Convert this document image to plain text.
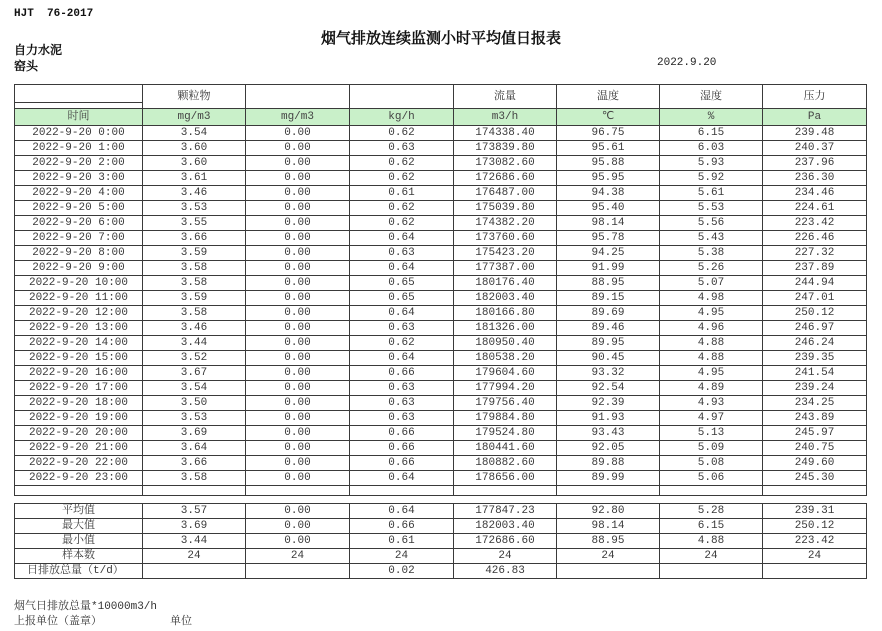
HJT  76-2017
烟气排放连续监测小时平均值日报表
自力水泥
窑头	2022.9.20
	颗粒物			流量	温度	湿度	压力

时间	mg/m3	mg/m3	kg/h	m3/h	℃	%	Pa
2022-9-20 0:00	3.54	0.00	0.62	174338.40	96.75	6.15	239.48
2022-9-20 1:00	3.60	0.00	0.63	173839.80	95.61	6.03	240.37
2022-9-20 2:00	3.60	0.00	0.62	173082.60	95.88	5.93	237.96
2022-9-20 3:00	3.61	0.00	0.62	172686.60	95.95	5.92	236.30
2022-9-20 4:00	3.46	0.00	0.61	176487.00	94.38	5.61	234.46
2022-9-20 5:00	3.53	0.00	0.62	175039.80	95.40	5.53	224.61
2022-9-20 6:00	3.55	0.00	0.62	174382.20	98.14	5.56	223.42
2022-9-20 7:00	3.66	0.00	0.64	173760.60	95.78	5.43	226.46
2022-9-20 8:00	3.59	0.00	0.63	175423.20	94.25	5.38	227.32
2022-9-20 9:00	3.58	0.00	0.64	177387.00	91.99	5.26	237.89
2022-9-20 10:00	3.58	0.00	0.65	180176.40	88.95	5.07	244.94
2022-9-20 11:00	3.59	0.00	0.65	182003.40	89.15	4.98	247.01
2022-9-20 12:00	3.58	0.00	0.64	180166.80	89.69	4.95	250.12
2022-9-20 13:00	3.46	0.00	0.63	181326.00	89.46	4.96	246.97
2022-9-20 14:00	3.44	0.00	0.62	180950.40	89.95	4.88	246.24
2022-9-20 15:00	3.52	0.00	0.64	180538.20	90.45	4.88	239.35
2022-9-20 16:00	3.67	0.00	0.66	179604.60	93.32	4.95	241.54
2022-9-20 17:00	3.54	0.00	0.63	177994.20	92.54	4.89	239.24
2022-9-20 18:00	3.50	0.00	0.63	179756.40	92.39	4.93	234.25
2022-9-20 19:00	3.53	0.00	0.63	179884.80	91.93	4.97	243.89
2022-9-20 20:00	3.69	0.00	0.66	179524.80	93.43	5.13	245.97
2022-9-20 21:00	3.64	0.00	0.66	180441.60	92.05	5.09	240.75
2022-9-20 22:00	3.66	0.00	0.66	180882.60	89.88	5.08	249.60
2022-9-20 23:00	3.58	0.00	0.64	178656.00	89.99	5.06	245.30

平均值	3.57	0.00	0.64	177847.23	92.80	5.28	239.31
最大值	3.69	0.00	0.66	182003.40	98.14	6.15	250.12
最小值	3.44	0.00	0.61	172686.60	88.95	4.88	223.42
样本数	24	24	24	24	24	24	24
日排放总量（t/d）			0.02	426.83			
烟气日排放总量*10000m3/h
上报单位（盖章）	单位
